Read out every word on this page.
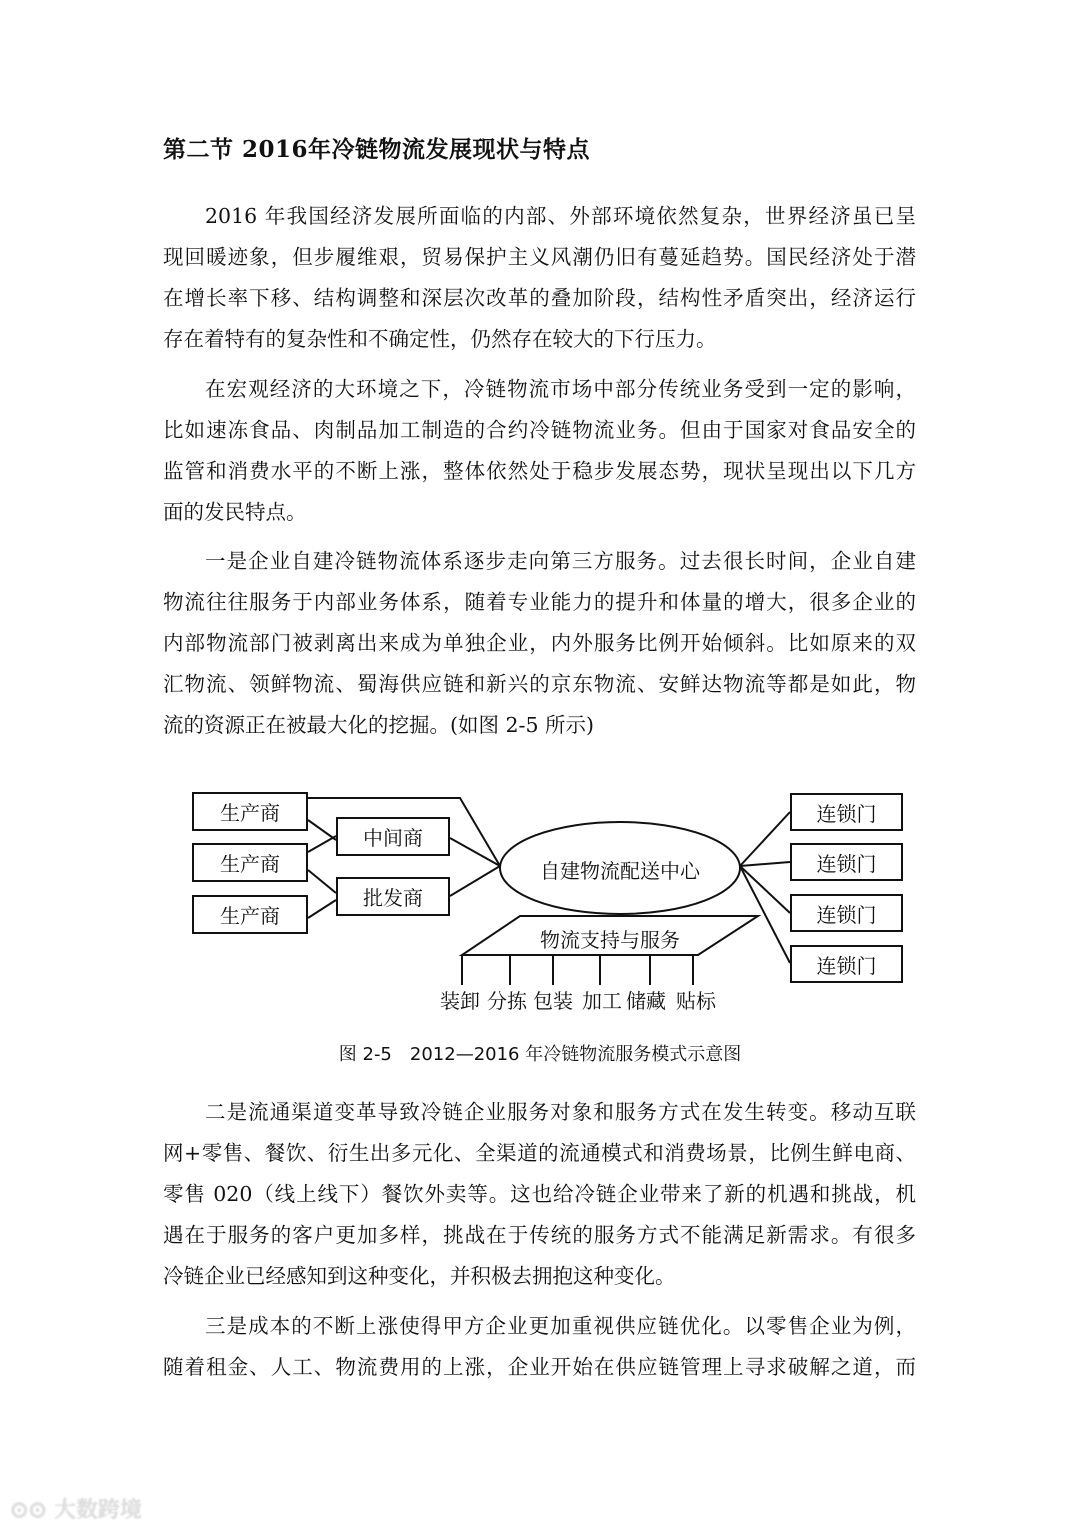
第二节 2016年冷链物流发展现状与特点
2016 年我国经济发展所面临的内部、外部环境依然复杂，世界经济虽已呈
现回暖迹象，但步履维艰，贸易保护主义风潮仍旧有蔓延趋势。国民经济处于潜
在增长率下移、结构调整和深层次改革的叠加阶段，结构性矛盾突出，经济运行
存在着特有的复杂性和不确定性，仍然存在较大的下行压力。
在宏观经济的大环境之下，冷链物流市场中部分传统业务受到一定的影响，
比如速冻食品、肉制品加工制造的合约冷链物流业务。但由于国家对食品安全的
监管和消费水平的不断上涨，整体依然处于稳步发展态势，现状呈现出以下几方
面的发民特点。
一是企业自建冷链物流体系逐步走向第三方服务。过去很长时间，企业自建
物流往往服务于内部业务体系，随着专业能力的提升和体量的增大，很多企业的
内部物流部门被剥离出来成为单独企业，内外服务比例开始倾斜。比如原来的双
汇物流、领鲜物流、蜀海供应链和新兴的京东物流、安鲜达物流等都是如此，物
流的资源正在被最大化的挖掘。(如图 2-5 所示)
二是流通渠道变革导致冷链企业服务对象和服务方式在发生转变。移动互联
网+零售、餐饮、衍生出多元化、全渠道的流通模式和消费场景，比例生鲜电商、
零售 020（线上线下）餐饮外卖等。这也给冷链企业带来了新的机遇和挑战，机
遇在于服务的客户更加多样，挑战在于传统的服务方式不能满足新需求。有很多
冷链企业已经感知到这种变化，并积极去拥抱这种变化。
三是成本的不断上涨使得甲方企业更加重视供应链优化。以零售企业为例，
随着租金、人工、物流费用的上涨，企业开始在供应链管理上寻求破解之道，而
生产商
生产商
生产商
中间商
批发商
自建物流配送中心
连锁门
连锁门
连锁门
连锁门
物流支持与服务
装卸 分拣 包装 加工 储藏 贴标
图 2-5　2012—2016 年冷链物流服务模式示意图
⊙⊙ 大数跨境
